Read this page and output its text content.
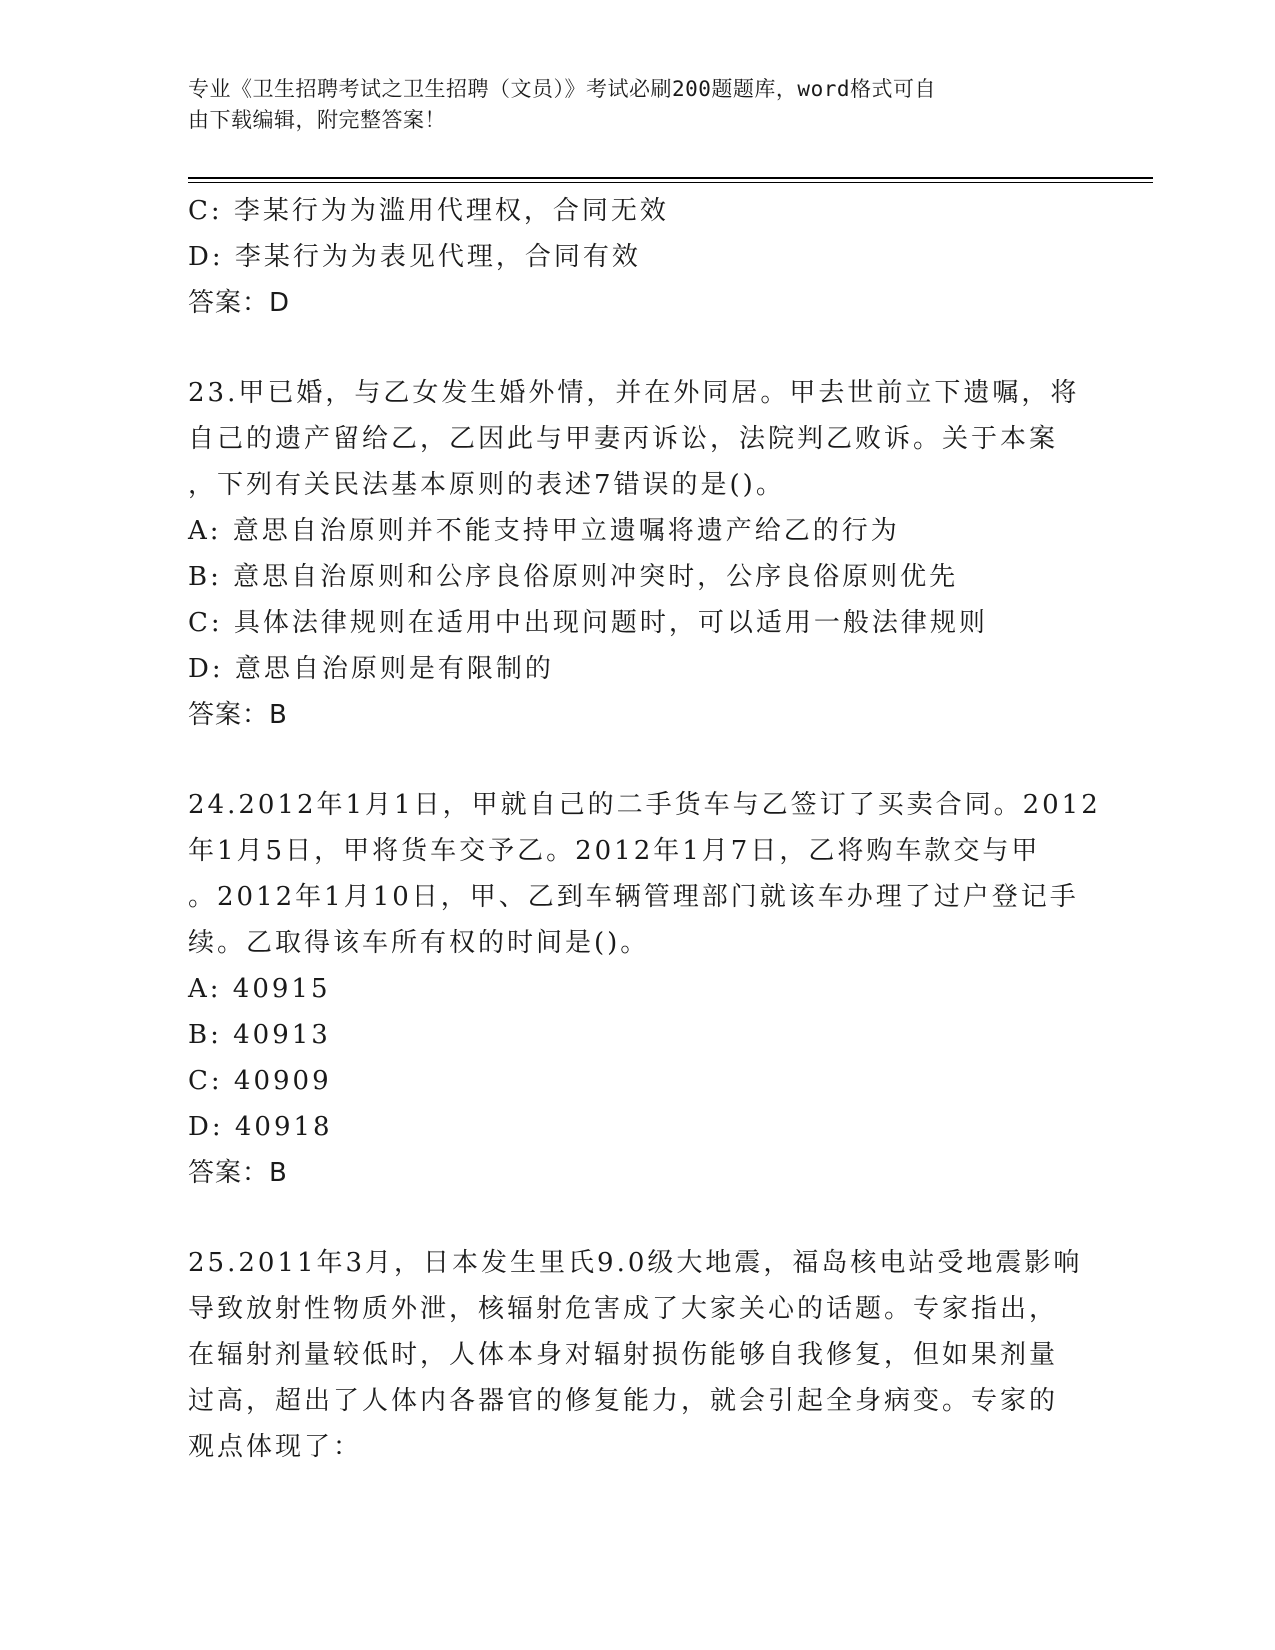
专业《卫生招聘考试之卫生招聘（文员）》考试必刷200题题库，word格式可自
由下载编辑，附完整答案！
C: 李某行为为滥用代理权，合同无效
D: 李某行为为表见代理，合同有效
答案：D
23.甲已婚，与乙女发生婚外情，并在外同居。甲去世前立下遗嘱，将
自己的遗产留给乙，乙因此与甲妻丙诉讼，法院判乙败诉。关于本案
，下列有关民法基本原则的表述7错误的是()。
A: 意思自治原则并不能支持甲立遗嘱将遗产给乙的行为
B: 意思自治原则和公序良俗原则冲突时，公序良俗原则优先
C: 具体法律规则在适用中出现问题时，可以适用一般法律规则
D: 意思自治原则是有限制的
答案：B
24.2012年1月1日，甲就自己的二手货车与乙签订了买卖合同。2012
年1月5日，甲将货车交予乙。2012年1月7日，乙将购车款交与甲
。2012年1月10日，甲、乙到车辆管理部门就该车办理了过户登记手
续。乙取得该车所有权的时间是()。
A: 40915
B: 40913
C: 40909
D: 40918
答案：B
25.2011年3月，日本发生里氏9.0级大地震，福岛核电站受地震影响
导致放射性物质外泄，核辐射危害成了大家关心的话题。专家指出，
在辐射剂量较低时，人体本身对辐射损伤能够自我修复，但如果剂量
过高，超出了人体内各器官的修复能力，就会引起全身病变。专家的
观点体现了：
